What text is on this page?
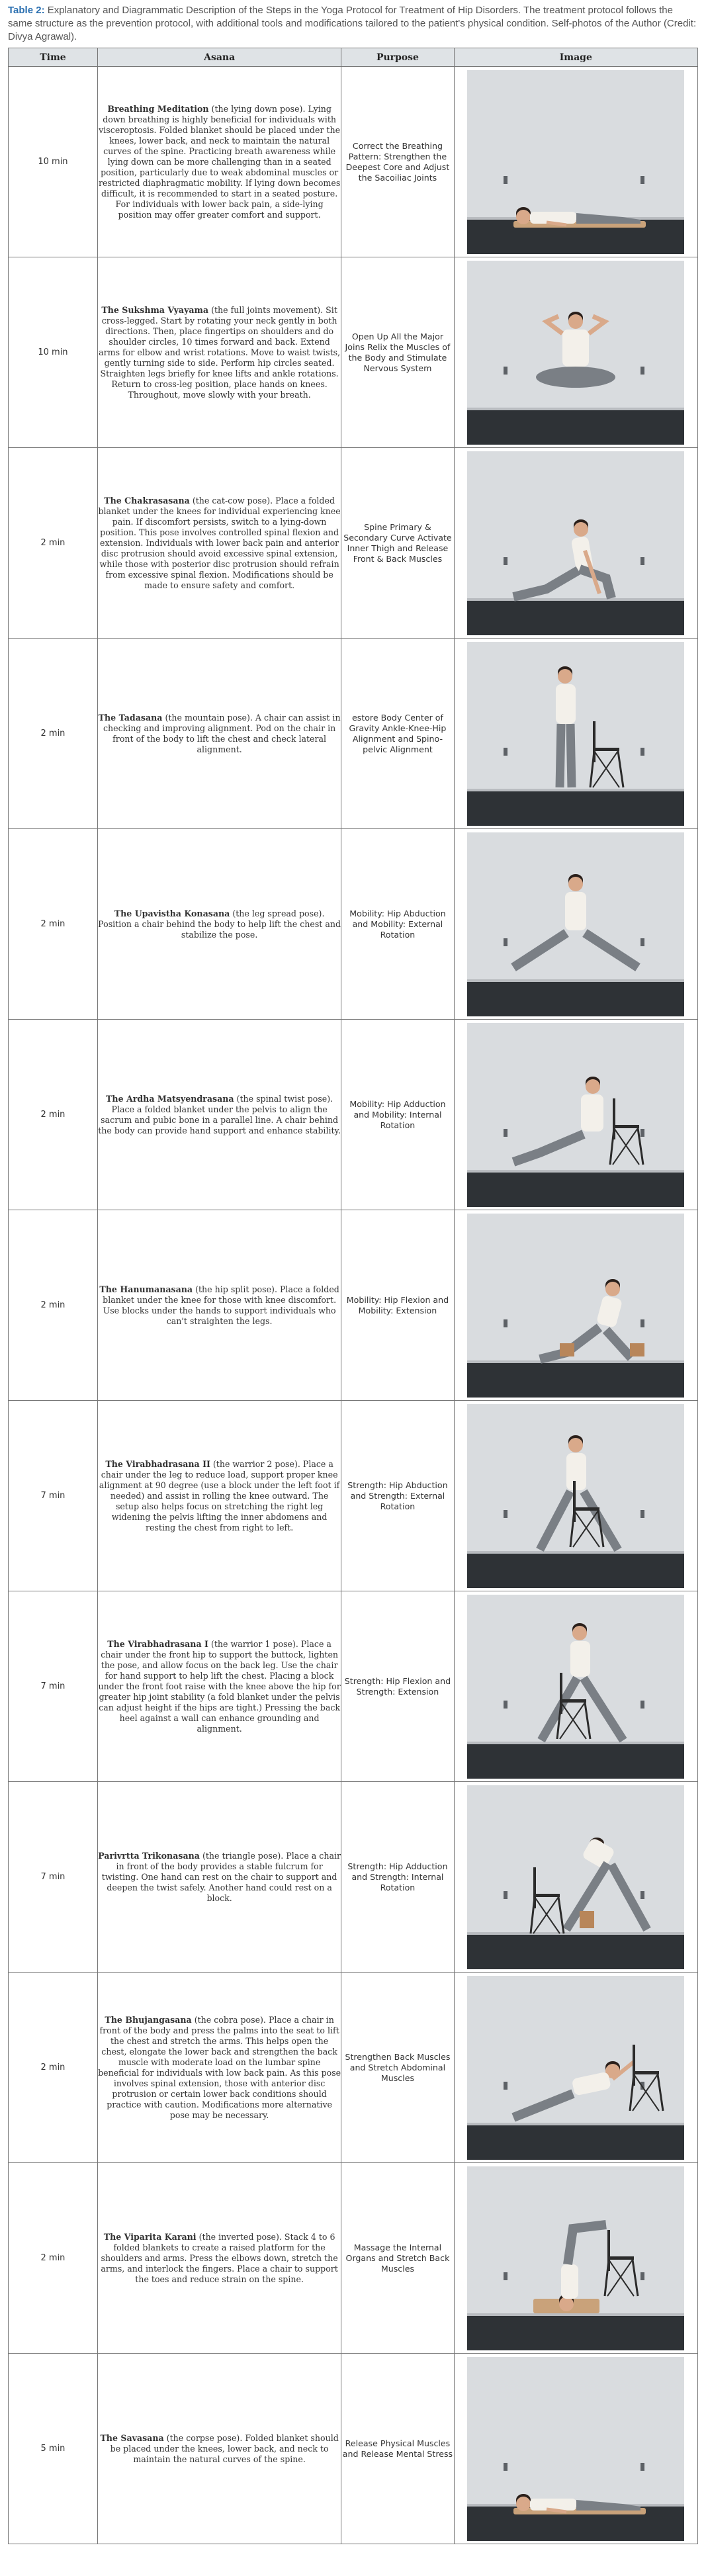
Table 2: Explanatory and Diagrammatic Description of the Steps in the Yoga Protocol for Treatment of Hip Disorders. The treatment protocol follows the same structure as the prevention protocol, with additional tools and modifications tailored to the patient's physical condition. Self-photos of the Author (Credit: Divya Agrawal).
Time	Asana	Purpose	Image
10 min	Breathing Meditation (the lying down pose). Lying down breathing is highly beneficial for individuals with visceroptosis. Folded blanket should be placed under the knees, lower back, and neck to maintain the natural curves of the spine. Practicing breath awareness while lying down can be more challenging than in a seated position, particularly due to weak abdominal muscles or restricted diaphragmatic mobility. If lying down becomes difficult, it is recommended to start in a seated posture. For individuals with lower back pain, a side-lying position may offer greater comfort and support.	Correct the Breathing Pattern: Strengthen the Deepest Core and Adjust the Sacoiliac Joints	

10 min	The Sukshma Vyayama (the full joints movement). Sit cross-legged. Start by rotating your neck gently in both directions. Then, place fingertips on shoulders and do shoulder circles, 10 times forward and back. Extend arms for elbow and wrist rotations. Move to waist twists, gently turning side to side. Perform hip circles seated. Straighten legs briefly for knee lifts and ankle rotations. Return to cross-leg position, place hands on knees. Throughout, move slowly with your breath.	Open Up All the Major Joins Relix the Muscles of the Body and Stimulate Nervous System	

2 min	The Chakrasasana (the cat-cow pose). Place a folded blanket under the knees for individual experiencing knee pain. If discomfort persists, switch to a lying-down position. This pose involves controlled spinal flexion and extension. Individuals with lower back pain and anterior disc protrusion should avoid excessive spinal extension, while those with posterior disc protrusion should refrain from excessive spinal flexion. Modifications should be made to ensure safety and comfort.	Spine Primary & Secondary Curve Activate Inner Thigh and Release Front & Back Muscles	

2 min	The Tadasana (the mountain pose). A chair can assist in checking and improving alignment. Pod on the chair in front of the body to lift the chest and check lateral alignment.	estore Body Center of Gravity Ankle-Knee-Hip Alignment and Spino-pelvic Alignment	

2 min	The Upavistha Konasana (the leg spread pose). Position a chair behind the body to help lift the chest and stabilize the pose.	Mobility: Hip Abduction and Mobility: External Rotation	

2 min	The Ardha Matsyendrasana (the spinal twist pose). Place a folded blanket under the pelvis to align the sacrum and pubic bone in a parallel line. A chair behind the body can provide hand support and enhance stability.	Mobility: Hip Adduction and Mobility: Internal Rotation	

2 min	The Hanumanasana (the hip split pose). Place a folded blanket under the knee for those with knee discomfort. Use blocks under the hands to support individuals who can't straighten the legs.	Mobility: Hip Flexion and Mobility: Extension	

7 min	The Virabhadrasana II (the warrior 2 pose). Place a chair under the leg to reduce load, support proper knee alignment at 90 degree (use a block under the left foot if needed) and assist in rolling the knee outward. The setup also helps focus on stretching the right leg widening the pelvis lifting the inner abdomens and resting the chest from right to left.	Strength: Hip Abduction and Strength: External Rotation	

7 min	The Virabhadrasana I (the warrior 1 pose). Place a chair under the front hip to support the buttock, lighten the pose, and allow focus on the back leg. Use the chair for hand support to help lift the chest. Placing a block under the front foot raise with the knee above the hip for greater hip joint stability (a fold blanket under the pelvis can adjust height if the hips are tight.) Pressing the back heel against a wall can enhance grounding and alignment.	Strength: Hip Flexion and Strength: Extension	

7 min	Parivrtta Trikonasana (the triangle pose). Place a chair in front of the body provides a stable fulcrum for twisting. One hand can rest on the chair to support and deepen the twist safely. Another hand could rest on a block.	Strength: Hip Adduction and Strength: Internal Rotation	

2 min	The Bhujangasana (the cobra pose). Place a chair in front of the body and press the palms into the seat to lift the chest and stretch the arms. This helps open the chest, elongate the lower back and strengthen the back muscle with moderate load on the lumbar spine beneficial for individuals with low back pain. As this pose involves spinal extension, those with anterior disc protrusion or certain lower back conditions should practice with caution. Modifications more alternative pose may be necessary.	Strengthen Back Muscles and Stretch Abdominal Muscles	

2 min	The Viparita Karani (the inverted pose). Stack 4 to 6 folded blankets to create a raised platform for the shoulders and arms. Press the elbows down, stretch the arms, and interlock the fingers. Place a chair to support the toes and reduce strain on the spine.	Massage the Internal Organs and Stretch Back Muscles	

5 min	The Savasana (the corpse pose). Folded blanket should be placed under the knees, lower back, and neck to maintain the natural curves of the spine.	Release Physical Muscles and Release Mental Stress	
